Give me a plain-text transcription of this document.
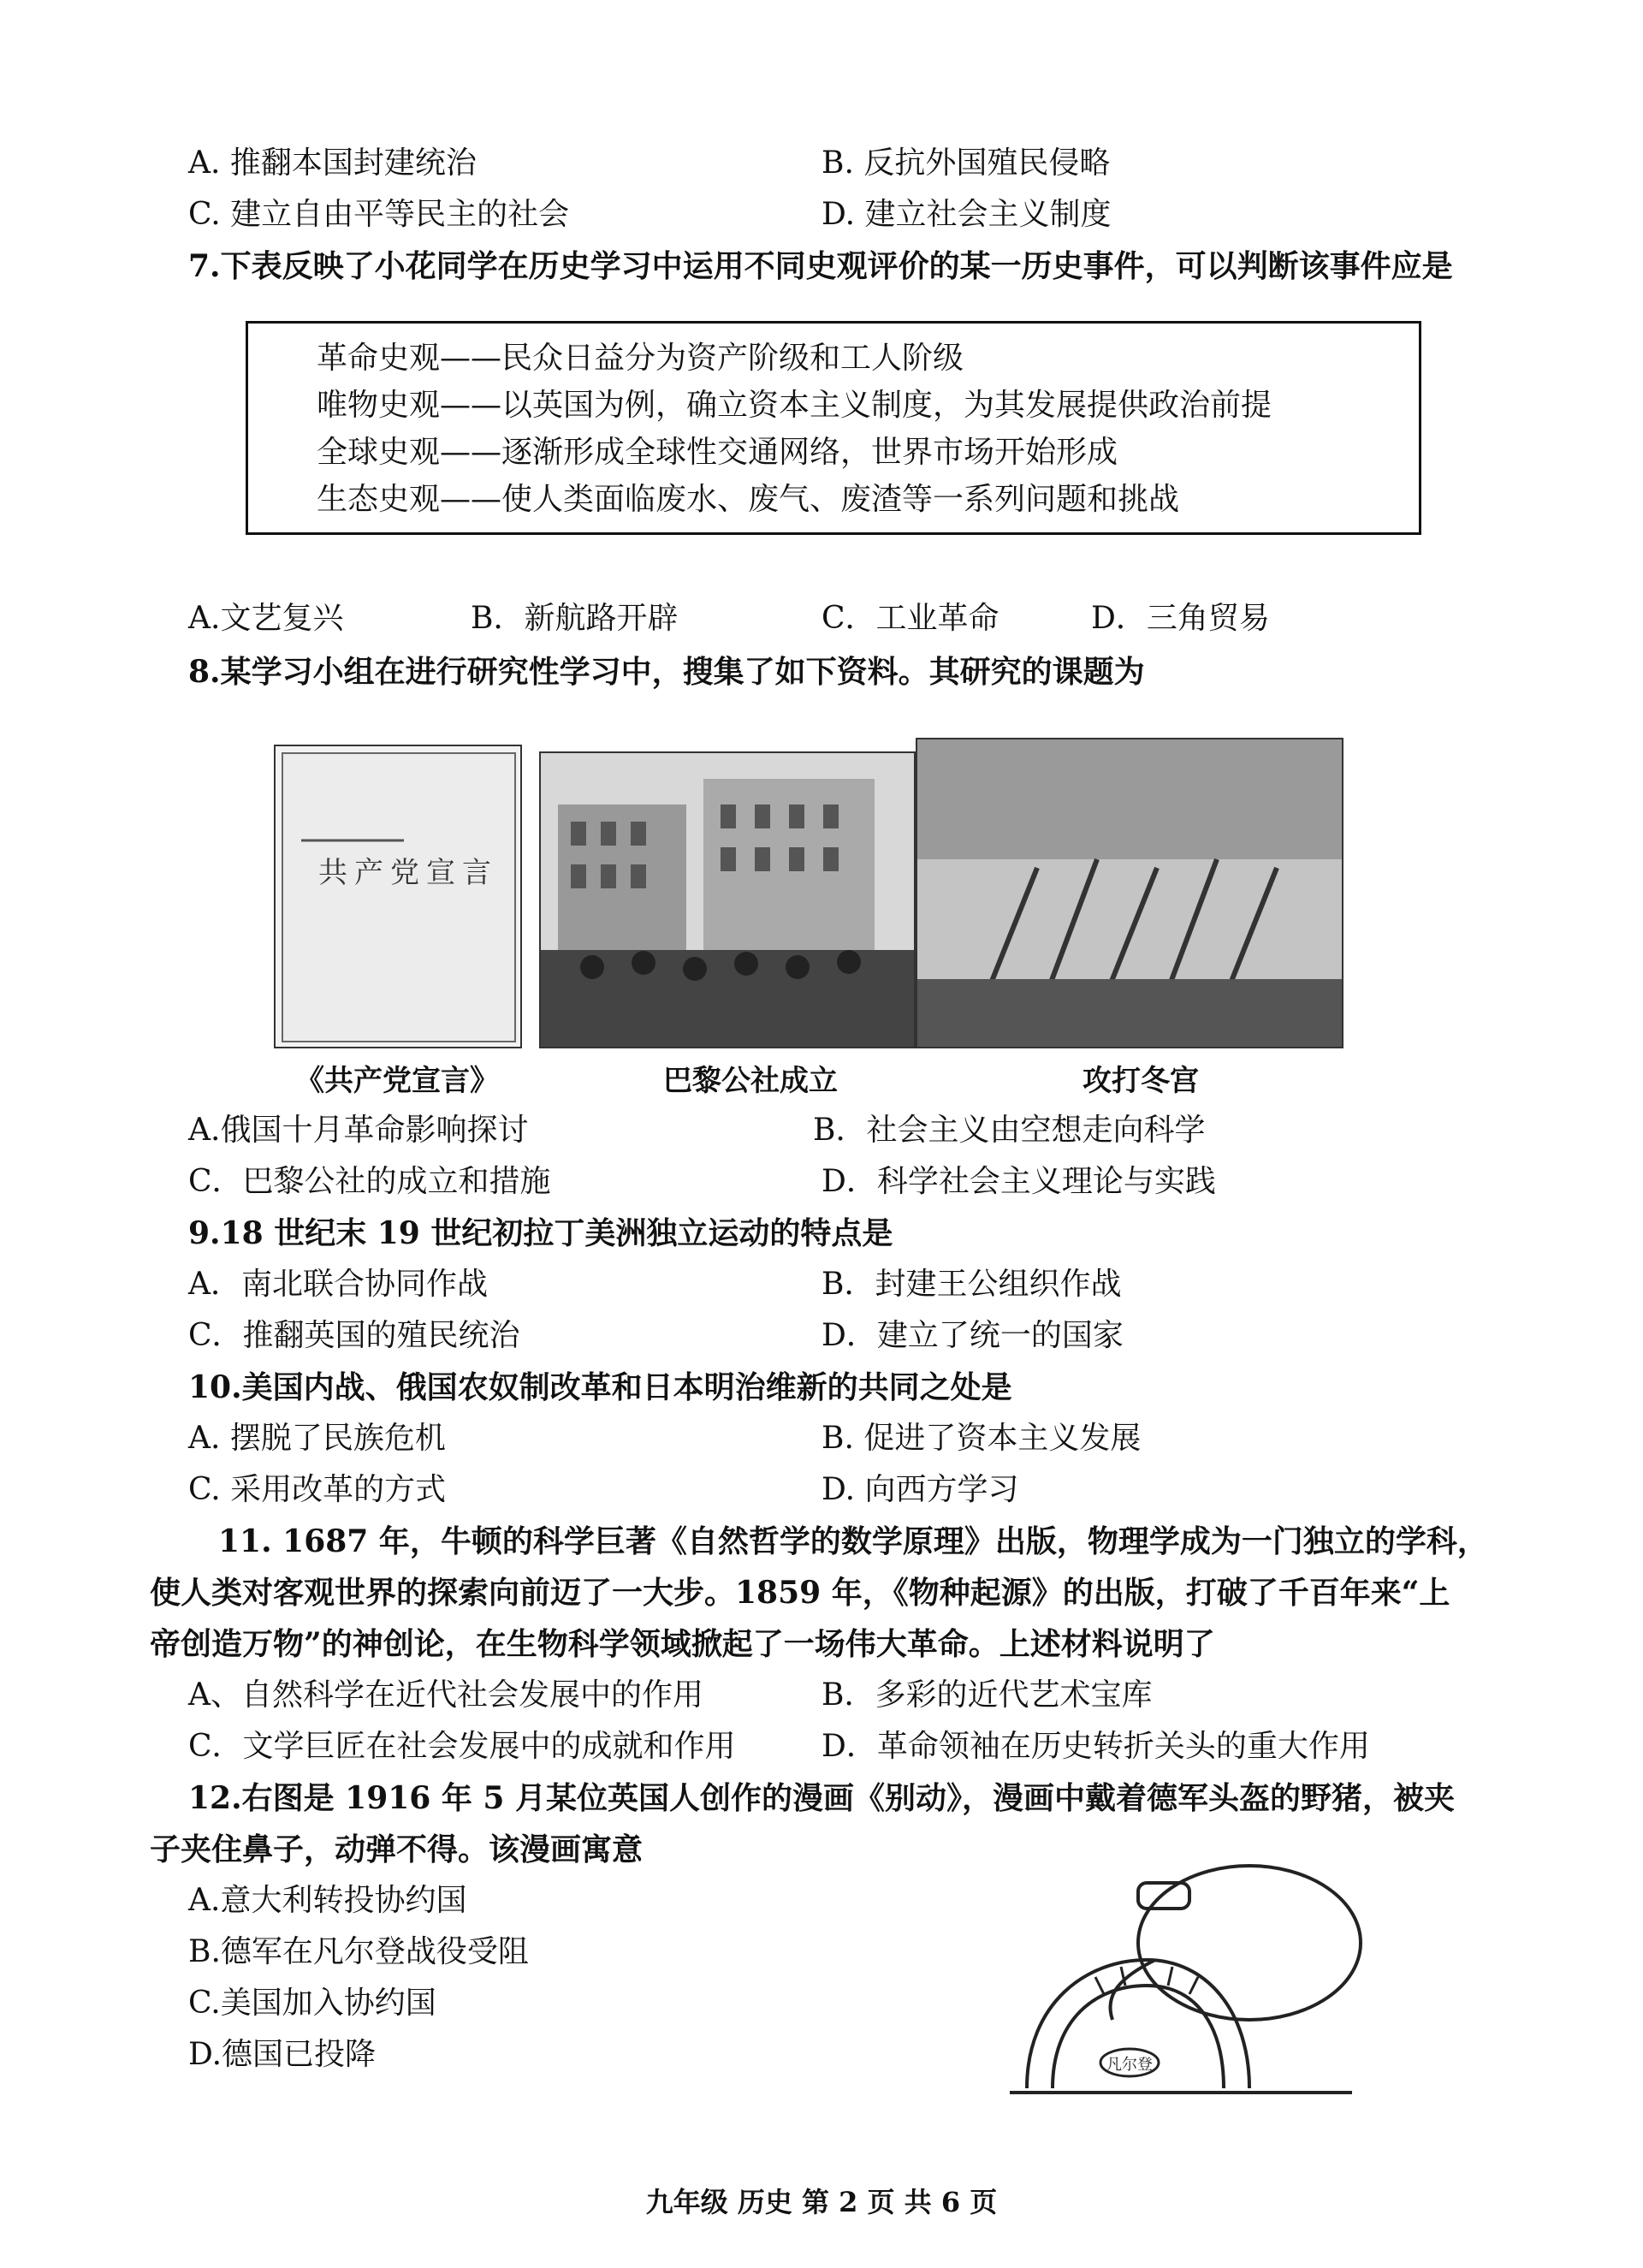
A. 推翻本国封建统治	B. 反抗外国殖民侵略
C. 建立自由平等民主的社会	D. 建立社会主义制度
7.下表反映了小花同学在历史学习中运用不同史观评价的某一历史事件，可以判断该事件应是
革命史观——民众日益分为资产阶级和工人阶级
唯物史观——以英国为例，确立资本主义制度，为其发展提供政治前提
全球史观——逐渐形成全球性交通网络，世界市场开始形成
生态史观——使人类面临废水、废气、废渣等一系列问题和挑战
A.文艺复兴	B．新航路开辟	C．工业革命	D．三角贸易
8.某学习小组在进行研究性学习中，搜集了如下资料。其研究的课题为
共产党宣言
《共产党宣言》	巴黎公社成立	攻打冬宫
A.俄国十月革命影响探讨	B．社会主义由空想走向科学
C．巴黎公社的成立和措施	D．科学社会主义理论与实践
9.18 世纪末 19 世纪初拉丁美洲独立运动的特点是
A．南北联合协同作战	B．封建王公组织作战
C．推翻英国的殖民统治	D．建立了统一的国家
10.美国内战、俄国农奴制改革和日本明治维新的共同之处是
A. 摆脱了民族危机	B. 促进了资本主义发展
C. 采用改革的方式	D. 向西方学习
11. 1687 年，牛顿的科学巨著《自然哲学的数学原理》出版，物理学成为一门独立的学科，
使人类对客观世界的探索向前迈了一大步。1859 年，《物种起源》的出版，打破了千百年来“上
帝创造万物”的神创论，在生物科学领域掀起了一场伟大革命。上述材料说明了
A、自然科学在近代社会发展中的作用	B．多彩的近代艺术宝库
C．文学巨匠在社会发展中的成就和作用	D．革命领袖在历史转折关头的重大作用
12.右图是 1916 年 5 月某位英国人创作的漫画《别动》，漫画中戴着德军头盔的野猪，被夹
子夹住鼻子，动弹不得。该漫画寓意
A.意大利转投协约国
B.德军在凡尔登战役受阻
C.美国加入协约国
D.德国已投降	凡尔登
九年级 历史 第 2 页 共 6 页
